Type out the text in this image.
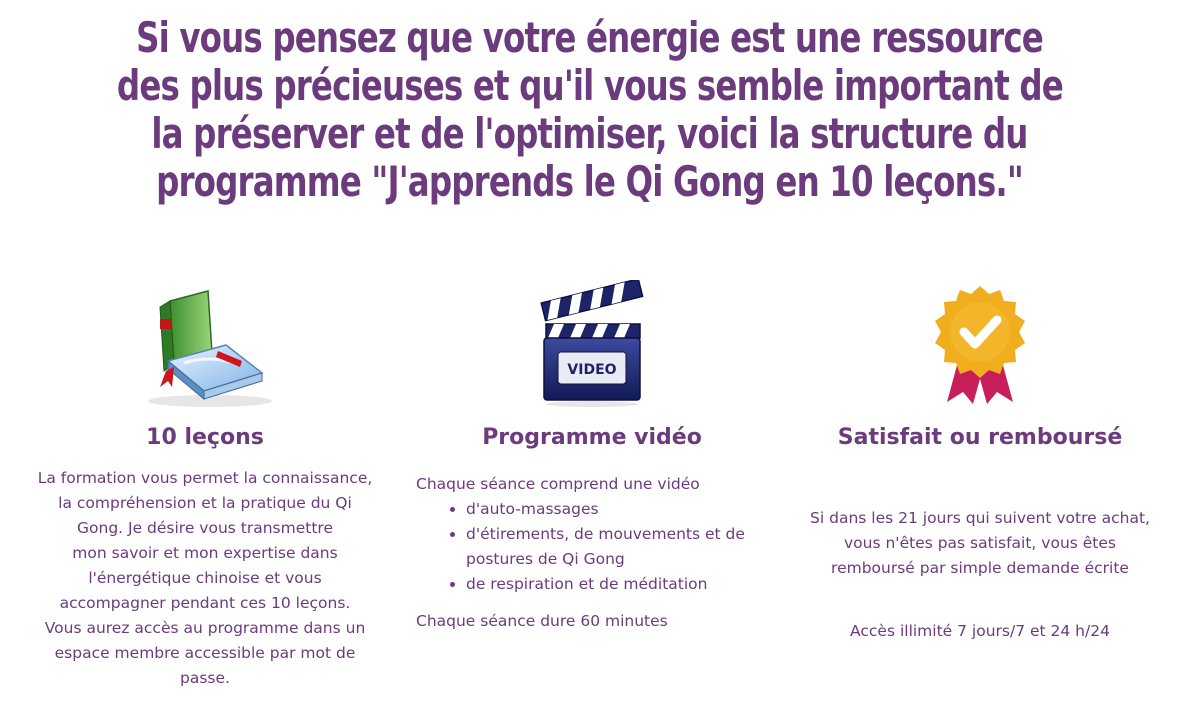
Si vous pensez que votre énergie est une ressource
des plus précieuses et qu'il vous semble important de
la préserver et de l'optimiser, voici la structure du
programme "J'apprends le Qi Gong en 10 leçons."
10 leçons

La formation vous permet la connaissance,
la compréhension et la pratique du Qi
Gong. Je désire vous transmettre
mon savoir et mon expertise dans
l'énergétique chinoise et vous
accompagner pendant ces 10 leçons.
Vous aurez accès au programme dans un
espace membre accessible par mot de
passe.

VIDEO
Programme vidéo
Chaque séance comprend une vidéo
• d'auto-massages
• d'étirements, de mouvements et de postures de Qi Gong
• de respiration et de méditation
Chaque séance dure 60 minutes
Satisfait ou remboursé
Si dans les 21 jours qui suivent votre achat, vous n'êtes pas satisfait, vous êtes remboursé par simple demande écrite
Accès illimité 7 jours/7 et 24 h/24
